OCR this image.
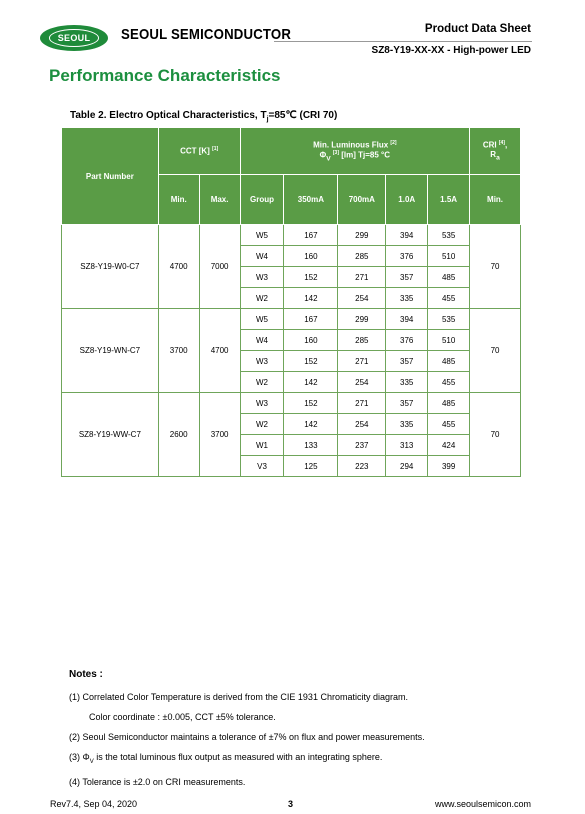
SEOUL	SEOUL SEMICONDUCTOR	Product Data Sheet
SZ8-Y19-XX-XX - High-power LED
Performance Characteristics
Table 2. Electro Optical Characteristics, $T_j=85℃$ (CRI 70)
Part Number	CCT [K] [1]		Min. Luminous Flux [2]
$\Phi_V$ [3] [lm] Tj=85 °C					CRI [4],
$R_a$
	Min.	Max.	Group	350mA	700mA	1.0A	1.5A	Min.
SZ8-Y19-W0-C7	4700	7000	W5	167	299	394	535	70
			W4	160	285	376	510	
			W3	152	271	357	485	
			W2	142	254	335	455	
SZ8-Y19-WN-C7	3700	4700	W5	167	299	394	535	70
			W4	160	285	376	510	
			W3	152	271	357	485	
			W2	142	254	335	455	
SZ8-Y19-WW-C7	2600	3700	W3	152	271	357	485	70
			W2	142	254	335	455	
			W1	133	237	313	424	
			V3	125	223	294	399	
Notes :
(1) Correlated Color Temperature is derived from the CIE 1931 Chromaticity diagram.
Color coordinate : ±0.005, CCT ±5% tolerance.
(2) Seoul Semiconductor maintains a tolerance of ±7% on flux and power measurements.
(3) $\Phi_V$ is the total luminous flux output as measured with an integrating sphere.
(4) Tolerance is ±2.0 on CRI measurements.
Rev7.4, Sep 04, 2020	3	www.seoulsemicon.com
